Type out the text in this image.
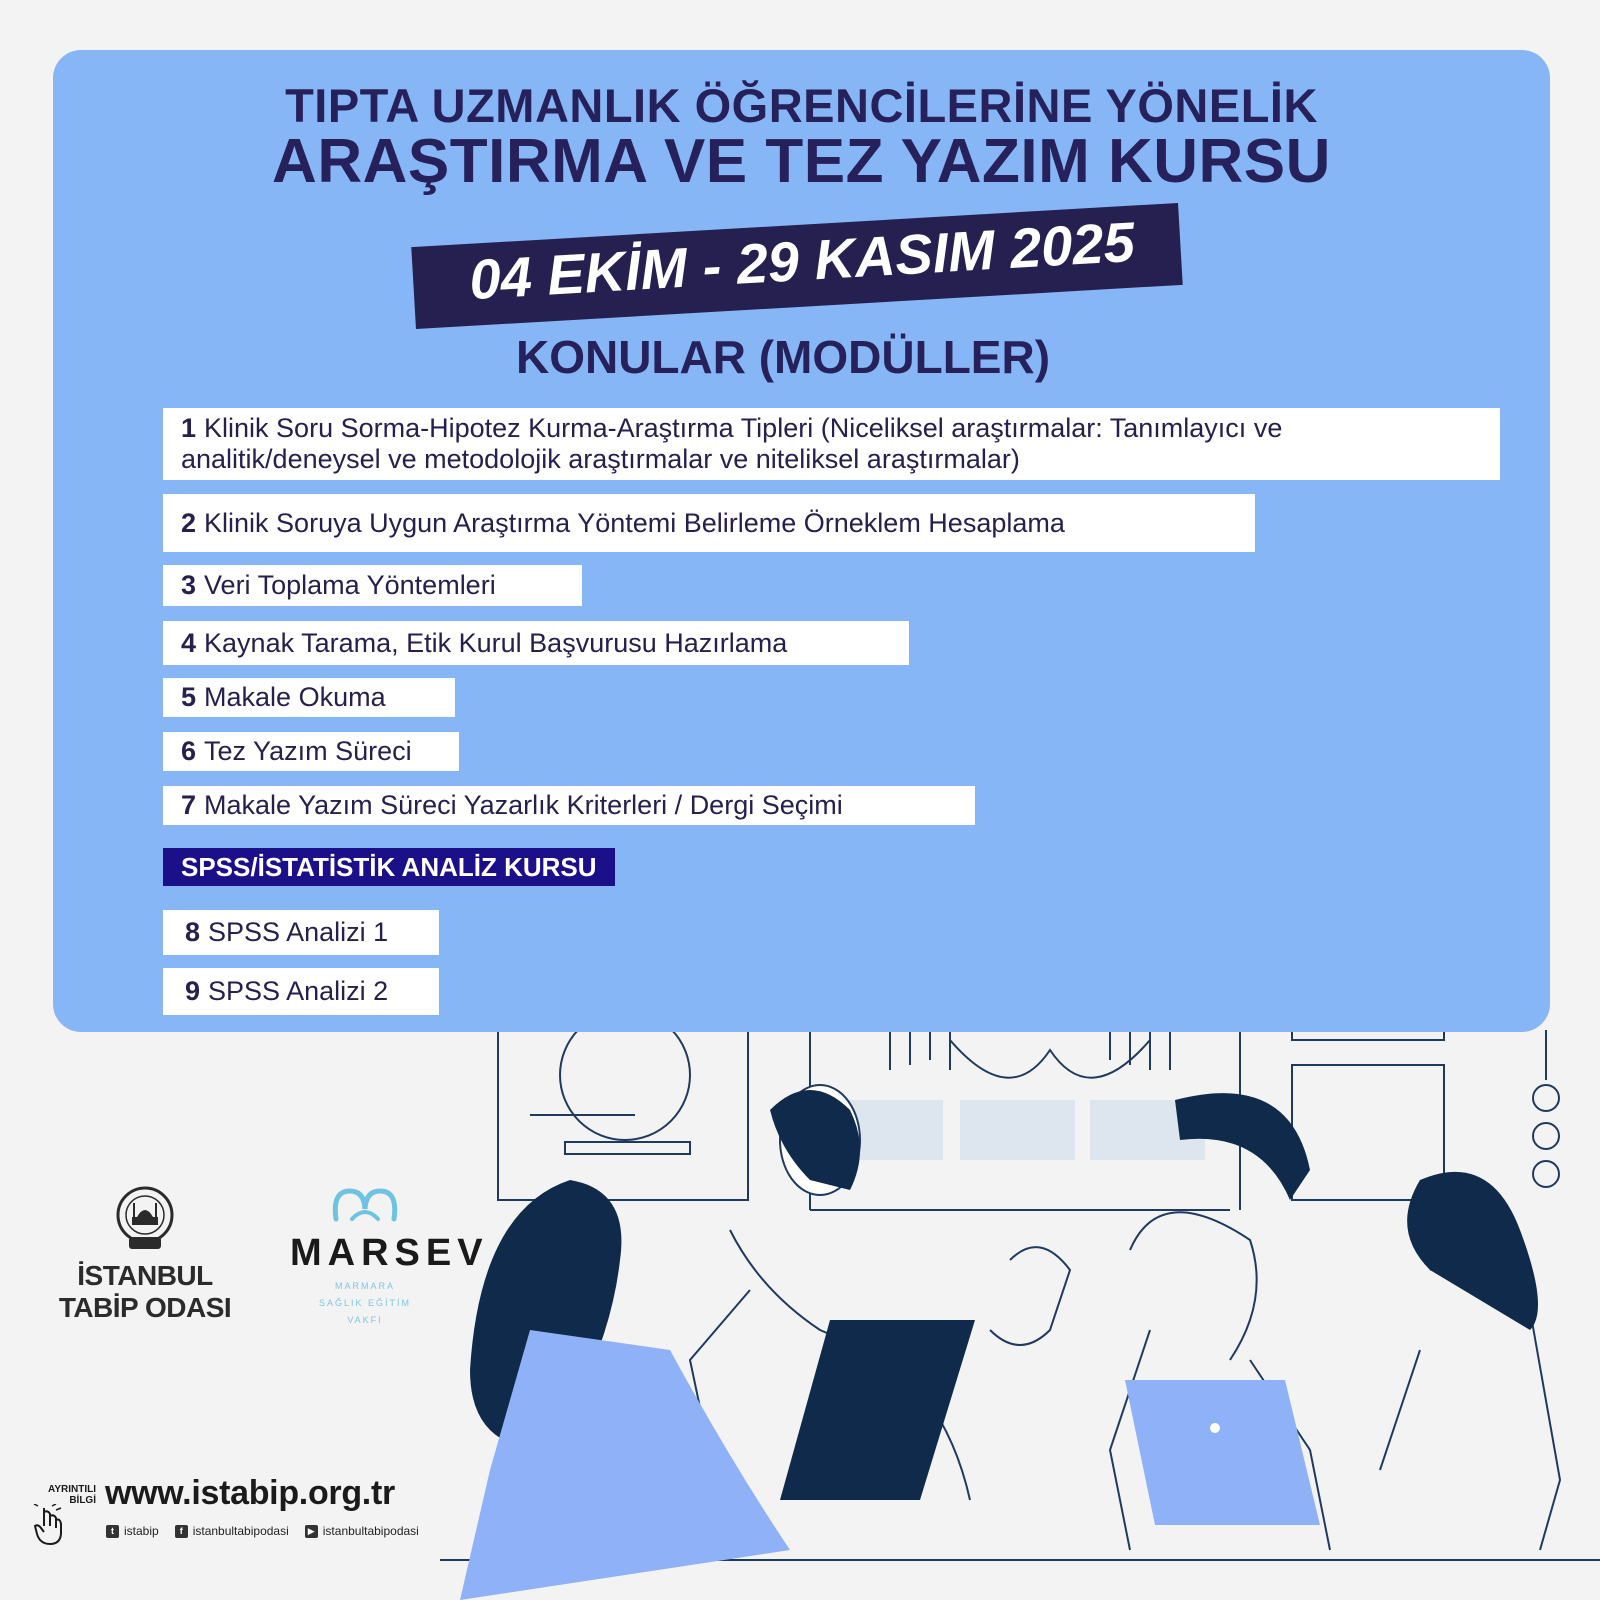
TIPTA UZMANLIK ÖĞRENCİLERİNE YÖNELİK
ARAŞTIRMA VE TEZ YAZIM KURSU
04 EKİM - 29 KASIM 2025
KONULAR (MODÜLLER)
1 Klinik Soru Sorma-Hipotez Kurma-Araştırma Tipleri (Niceliksel araştırmalar: Tanımlayıcı ve analitik/deneysel ve metodolojik araştırmalar ve niteliksel araştırmalar)
2 Klinik Soruya Uygun Araştırma Yöntemi Belirleme Örneklem Hesaplama
3 Veri Toplama Yöntemleri
4 Kaynak Tarama, Etik Kurul Başvurusu Hazırlama
5 Makale Okuma
6 Tez Yazım Süreci
7 Makale Yazım Süreci Yazarlık Kriterleri / Dergi Seçimi
SPSS/İSTATİSTİK ANALİZ KURSU
8 SPSS Analizi 1
9 SPSS Analizi 2
İSTANBUL
TABİP ODASI
MARSEV
MARMARA
SAĞLIK EĞİTİM
VAKFI
AYRINTILI
BİLGİ www.istabip.org.tr
t istabip	f istanbultabipodasi	▶ istanbultabipodasi
